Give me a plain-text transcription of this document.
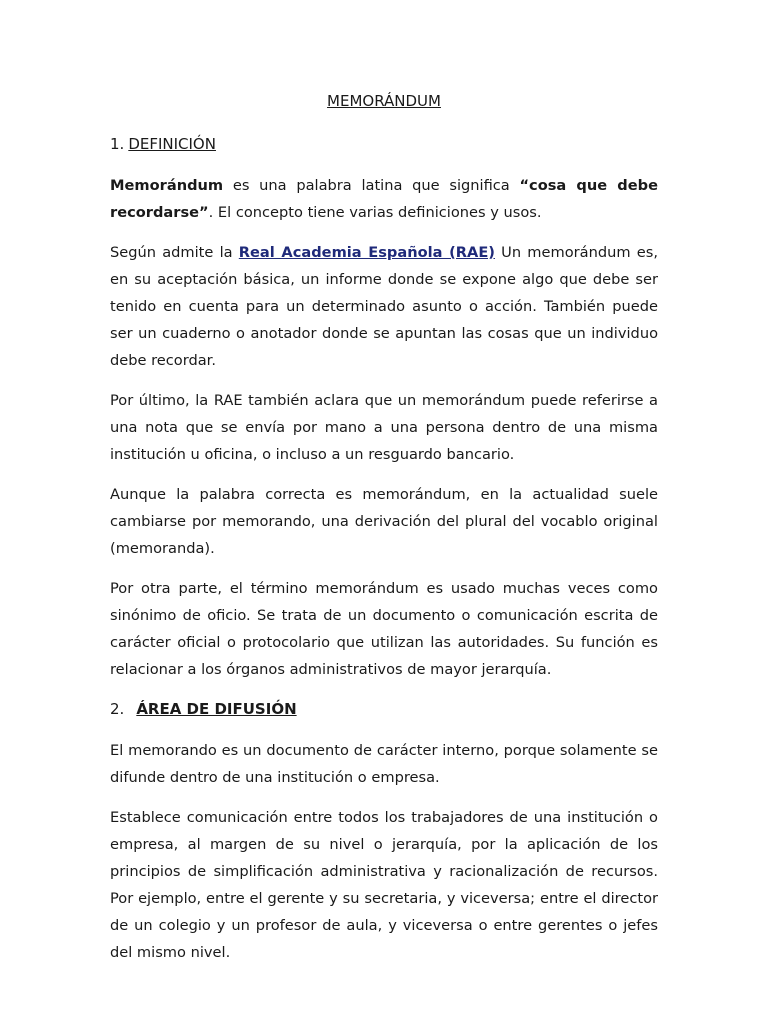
MEMORÁNDUM
1. DEFINICIÓN

Memorándum es una palabra latina que significa “cosa que debe recordarse”. El concepto tiene varias definiciones y usos.

Según admite la Real Academia Española (RAE) Un memorándum es, en su aceptación básica, un informe donde se expone algo que debe ser tenido en cuenta para un determinado asunto o acción. También puede ser un cuaderno o anotador donde se apuntan las cosas que un individuo debe recordar.

Por último, la RAE también aclara que un memorándum puede referirse a una nota que se envía por mano a una persona dentro de una misma institución u oficina, o incluso a un resguardo bancario.

Aunque la palabra correcta es memorándum, en la actualidad suele cambiarse por memorando, una derivación del plural del vocablo original (memoranda).

Por otra parte, el término memorándum es usado muchas veces como sinónimo de oficio. Se trata de un documento o comunicación escrita de carácter oficial o protocolario que utilizan las autoridades. Su función es relacionar a los órganos administrativos de mayor jerarquía.

2. ÁREA DE DIFUSIÓN

El memorando es un documento de carácter interno, porque solamente se difunde dentro de una institución o empresa.

Establece comunicación entre todos los trabajadores de una institución o empresa, al margen de su nivel o jerarquía, por la aplicación de los principios de simplificación administrativa y racionalización de recursos. Por ejemplo, entre el gerente y su secretaria, y viceversa; entre el director de un colegio y un profesor de aula, y viceversa o entre gerentes o jefes del mismo nivel.
